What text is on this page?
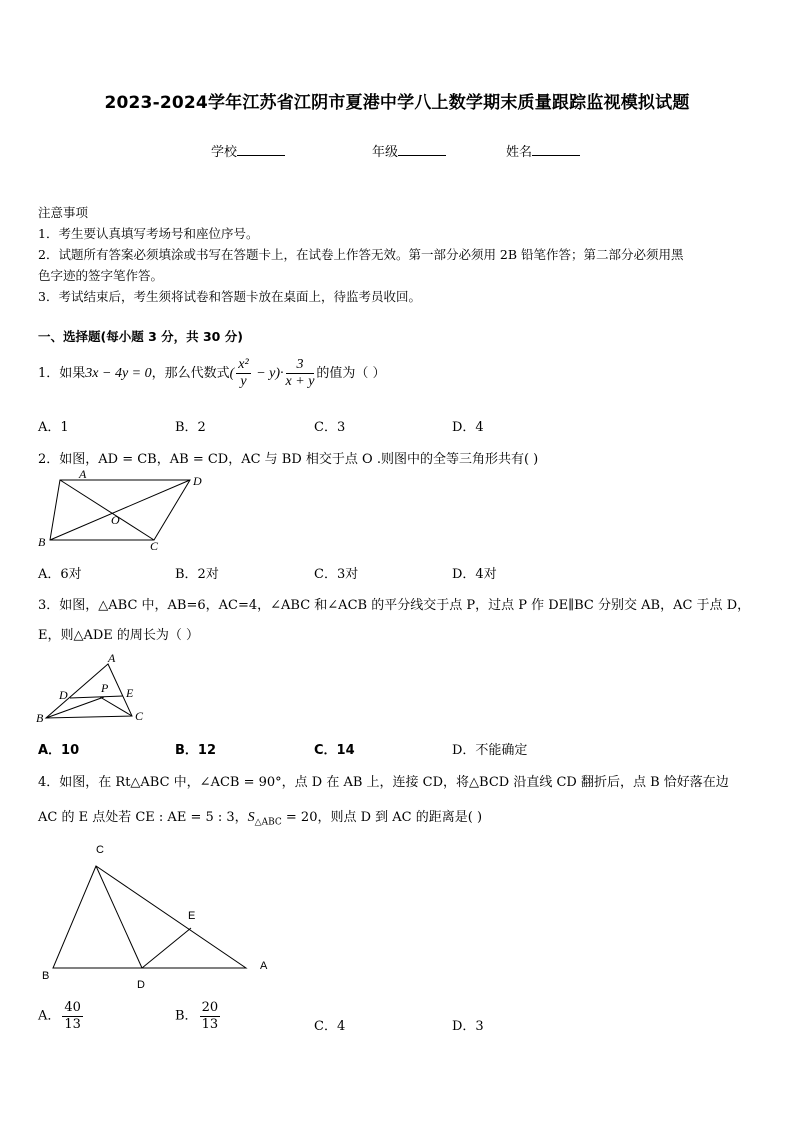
2023-2024学年江苏省江阴市夏港中学八上数学期末质量跟踪监视模拟试题
学校	年级	姓名
注意事项
1．考生要认真填写考场号和座位序号。
2．试题所有答案必须填涂或书写在答题卡上，在试卷上作答无效。第一部分必须用 2B 铅笔作答；第二部分必须用黑
色字迹的签字笔作答。
3．考试结束后，考生须将试卷和答题卡放在桌面上，待监考员收回。
一、选择题(每小题 3 分，共 30 分)
1．如果3x − 4y = 0，那么代数式( $\frac{\text{x²}}{y} - y)\cdot \frac{3}{x + y}$ 的值为（ ）
A．1	B．2	C．3	D．4
2．如图，AD = CB，AB = CD，AC 与 BD 相交于点 O .则图中的全等三角形共有( )
A	D
B	C
O
A．6对	B．2对	C．3对	D．4对
3．如图，△ABC 中，AB=6，AC=4，∠ABC 和∠ACB 的平分线交于点 P，过点 P 作 DE∥BC 分别交 AB，AC 于点 D，
E，则△ADE 的周长为（ ）
A
D	E
P
B	C
A．10	B．12	C．14	D．不能确定
4．如图，在 Rt△ABC 中，∠ACB = 90°，点 D 在 AB 上，连接 CD，将△BCD 沿直线 CD 翻折后，点 B 恰好落在边
AC 的 E 点处若 CE : AE = 5 : 3，$S_{\triangle ABC} = 20$，则点 D 到 AC 的距离是( )
C
E
B
D
A
A． $\frac{40}{13}$	B． $\frac{20}{13}$	C．4	D．3
